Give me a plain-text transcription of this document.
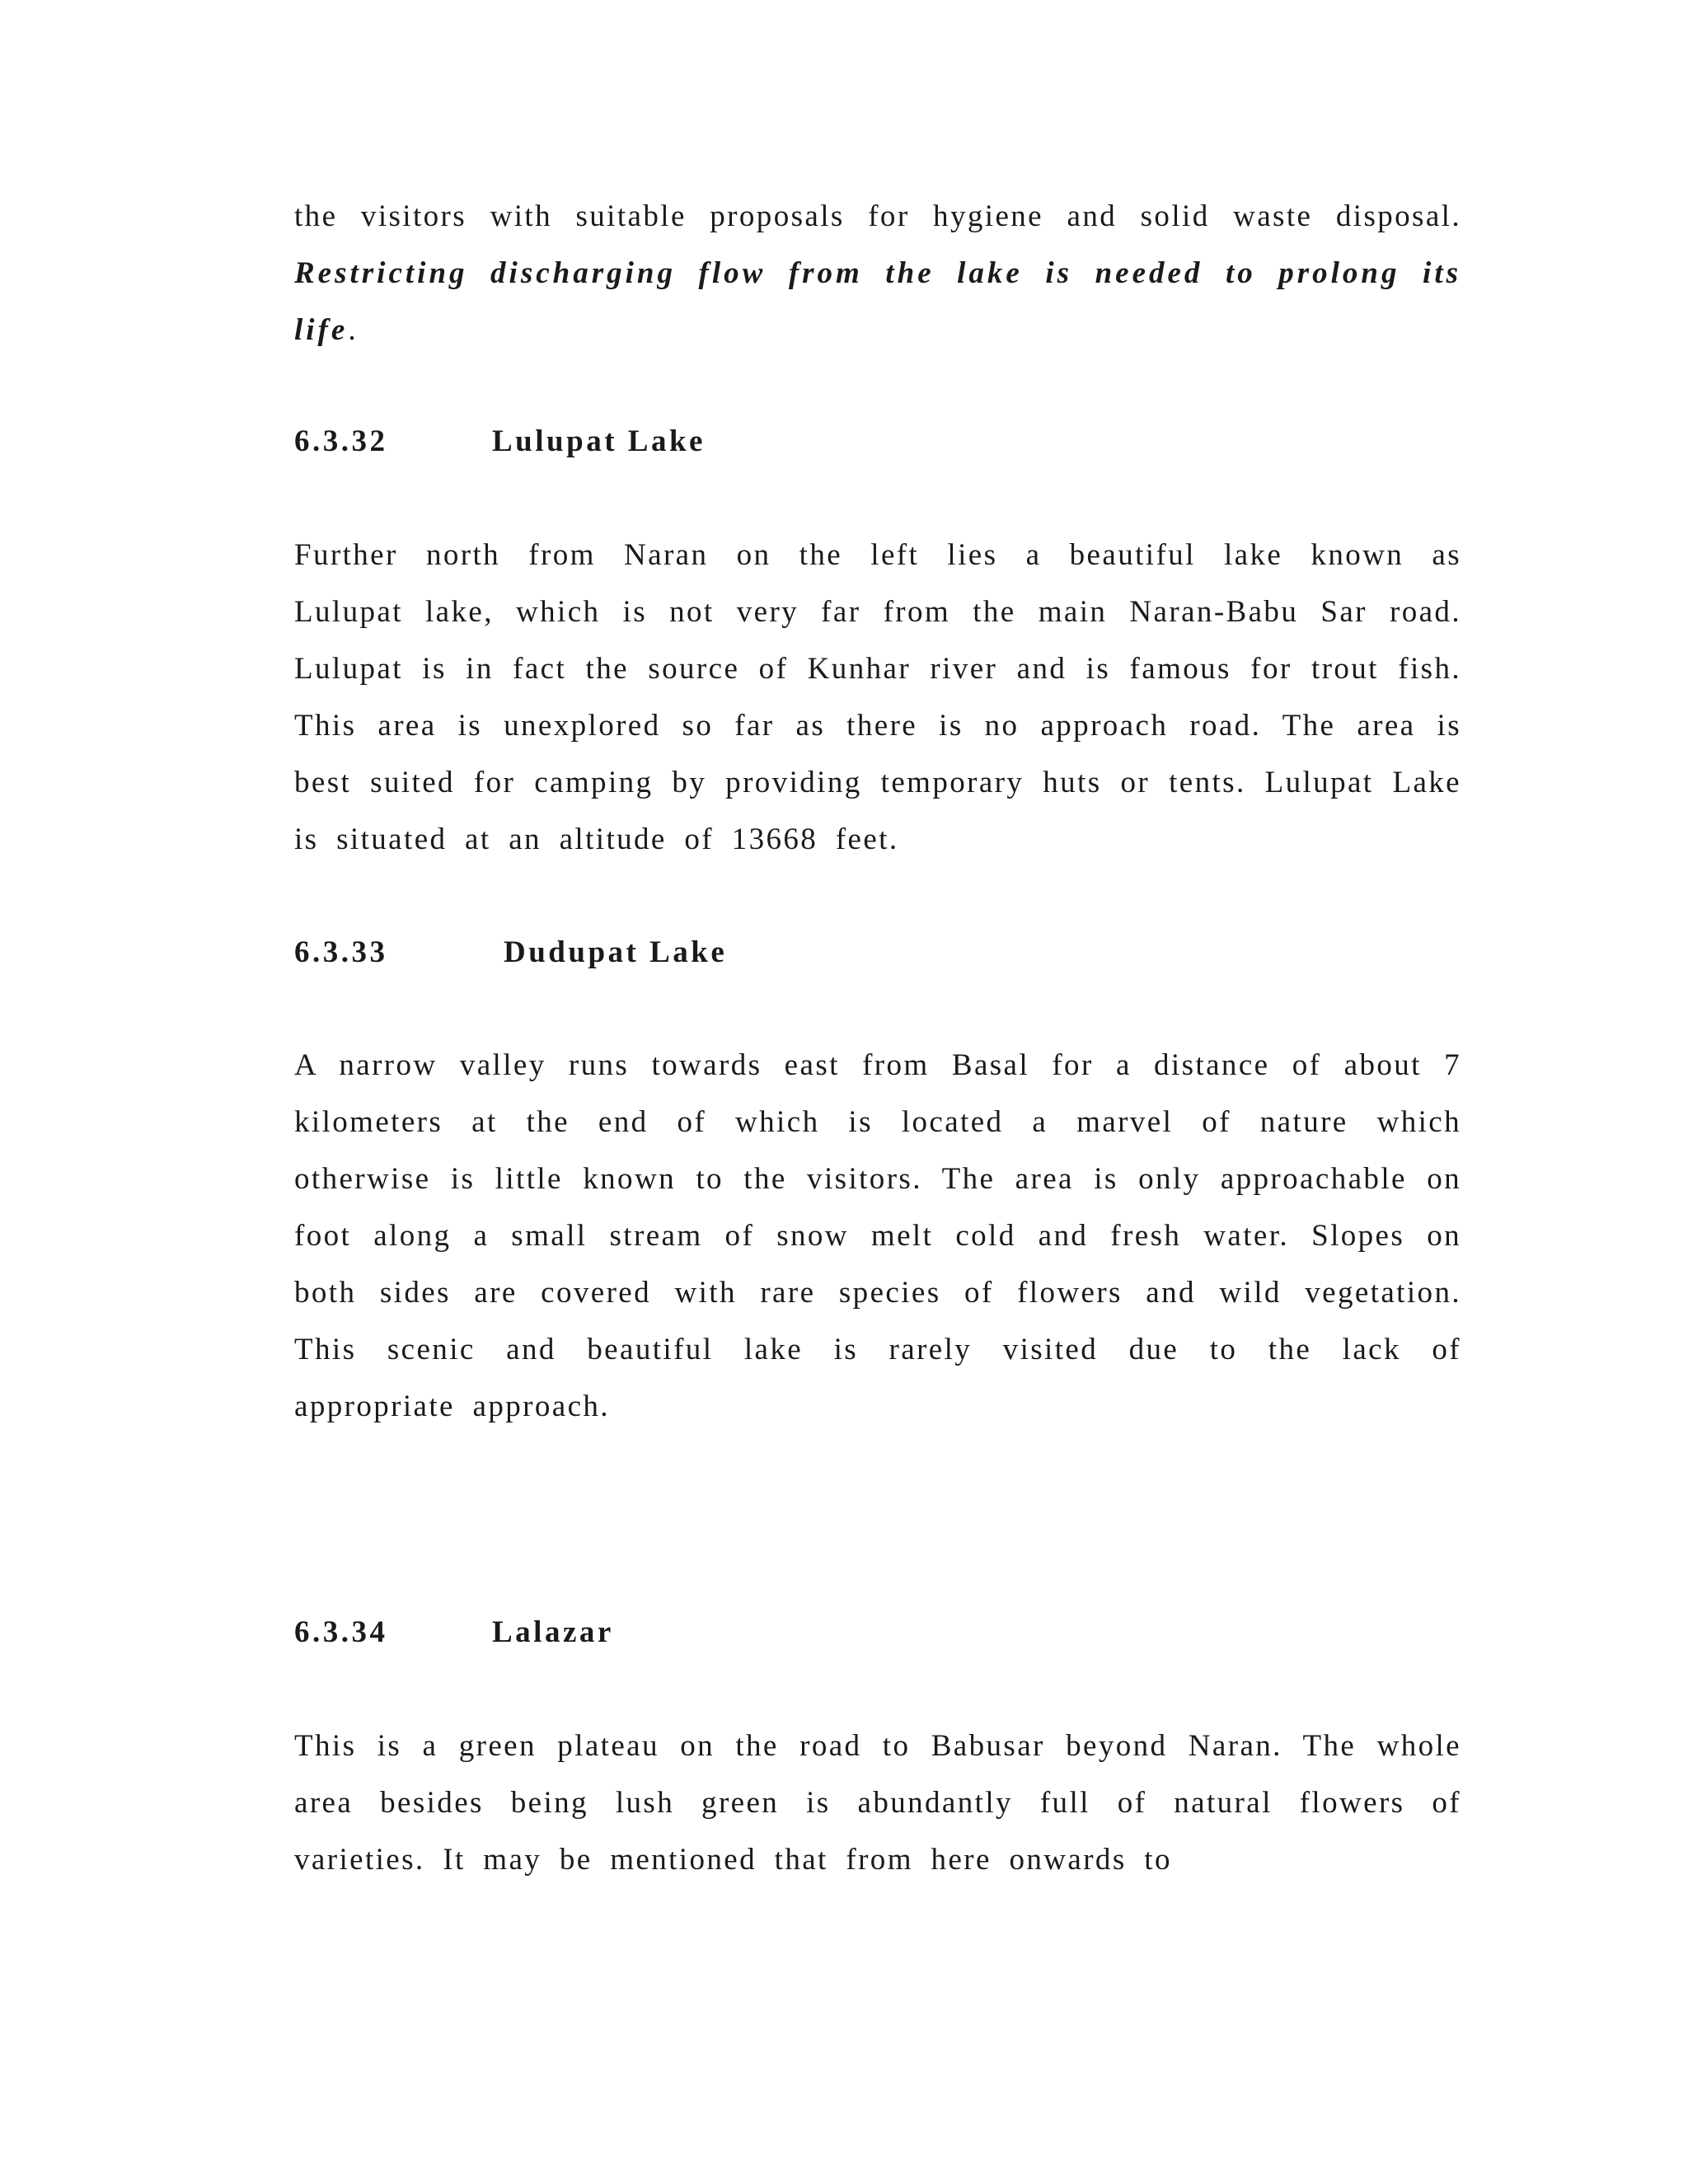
the visitors with suitable proposals for hygiene and solid waste disposal. Restricting discharging flow from the lake is needed to prolong its life.

6.3.32	Lulupat Lake

Further north from Naran on the left lies a beautiful lake known as Lulupat lake, which is not very far from the main Naran-Babu Sar road. Lulupat is in fact the source of Kunhar river and is famous for trout fish. This area is unexplored so far as there is no approach road. The area is best suited for camping by providing temporary huts or tents. Lulupat Lake is situated at an altitude of 13668 feet.

6.3.33	Dudupat Lake

A narrow valley runs towards east from Basal for a distance of about 7 kilometers at the end of which is located a marvel of nature which otherwise is little known to the visitors. The area is only approachable on foot along a small stream of snow melt cold and fresh water. Slopes on both sides are covered with rare species of flowers and wild vegetation. This scenic and beautiful lake is rarely visited due to the lack of appropriate approach.

6.3.34	Lalazar

This is a green plateau on the road to Babusar beyond Naran. The whole area besides being lush green is abundantly full of natural flowers of varieties. It may be mentioned that from here onwards to
